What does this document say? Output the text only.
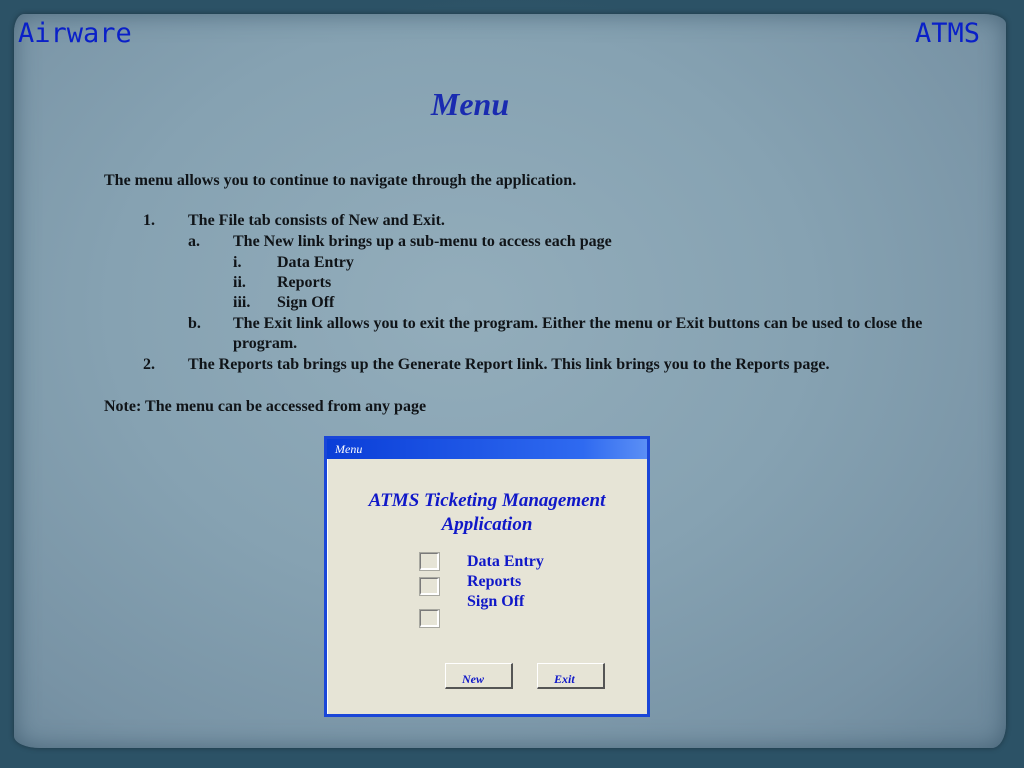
Airware	ATMS
Menu
The menu allows you to continue to navigate through the application.
1. The File tab consists of New and Exit.
a. The New link brings up a sub-menu to access each page
i. Data Entry
ii. Reports
iii. Sign Off
b. The Exit link allows you to exit the program. Either the menu or Exit buttons can be used to close the
program.
2. The Reports tab brings up the Generate Report link. This link brings you to the Reports page.
Note: The menu can be accessed from any page
Menu
ATMS Ticketing Management
Application
Data Entry
Reports
Sign Off
New	Exit
